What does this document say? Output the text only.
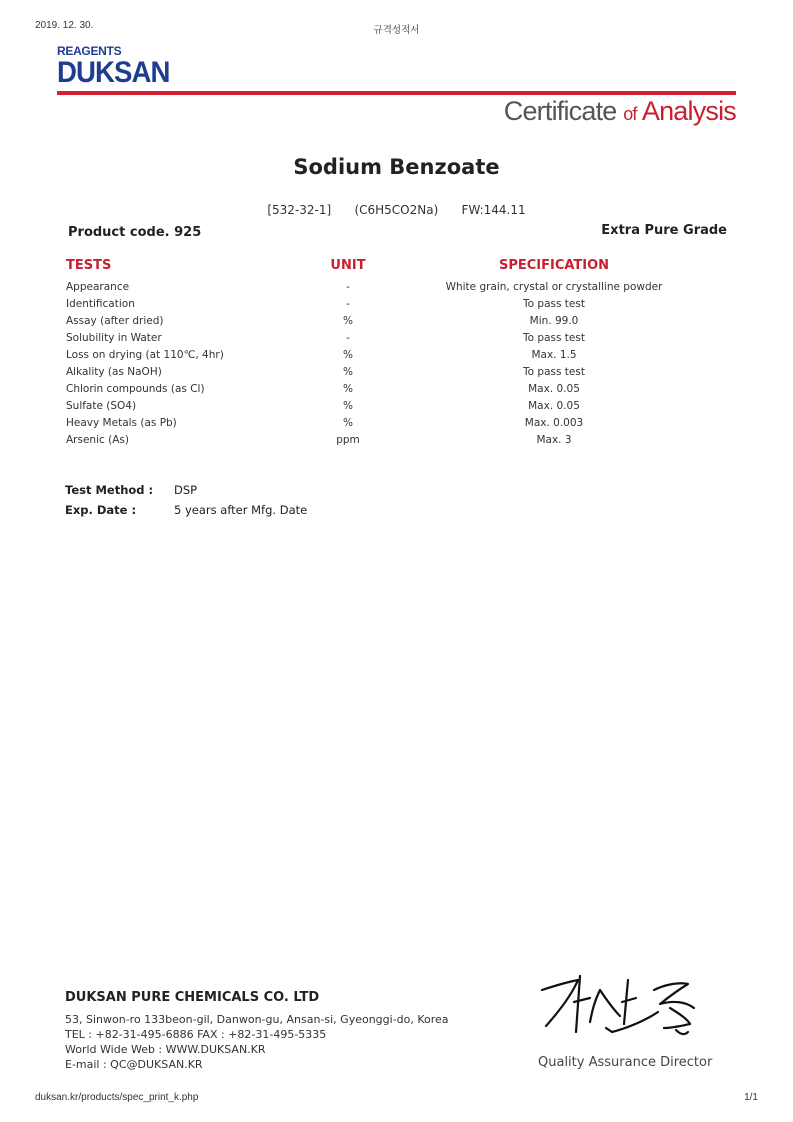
2019. 12. 30.	규격성적서
REAGENTS
DUKSAN
Certificate of Analysis
Sodium Benzoate
[532-32-1] (C6H5CO2Na) FW:144.11
Product code. 925	Extra Pure Grade
TESTS	UNIT	SPECIFICATION
Appearance	-	White grain, crystal or crystalline powder
Identification	-	To pass test
Assay (after dried)	%	Min. 99.0
Solubility in Water	-	To pass test
Loss on drying (at 110℃, 4hr)	%	Max. 1.5
Alkality (as NaOH)	%	To pass test
Chlorin compounds (as Cl)	%	Max. 0.05
Sulfate (SO4)	%	Max. 0.05
Heavy Metals (as Pb)	%	Max. 0.003
Arsenic (As)	ppm	Max. 3
Test Method : DSP
Exp. Date :	5 years after Mfg. Date
DUKSAN PURE CHEMICALS CO. LTD
53, Sinwon-ro 133beon-gil, Danwon-gu, Ansan-si, Gyeonggi-do, Korea
TEL : +82-31-495-6886 FAX : +82-31-495-5335
World Wide Web : WWW.DUKSAN.KR
E-mail : QC@DUKSAN.KR	Quality Assurance Director
duksan.kr/products/spec_print_k.php	1/1
